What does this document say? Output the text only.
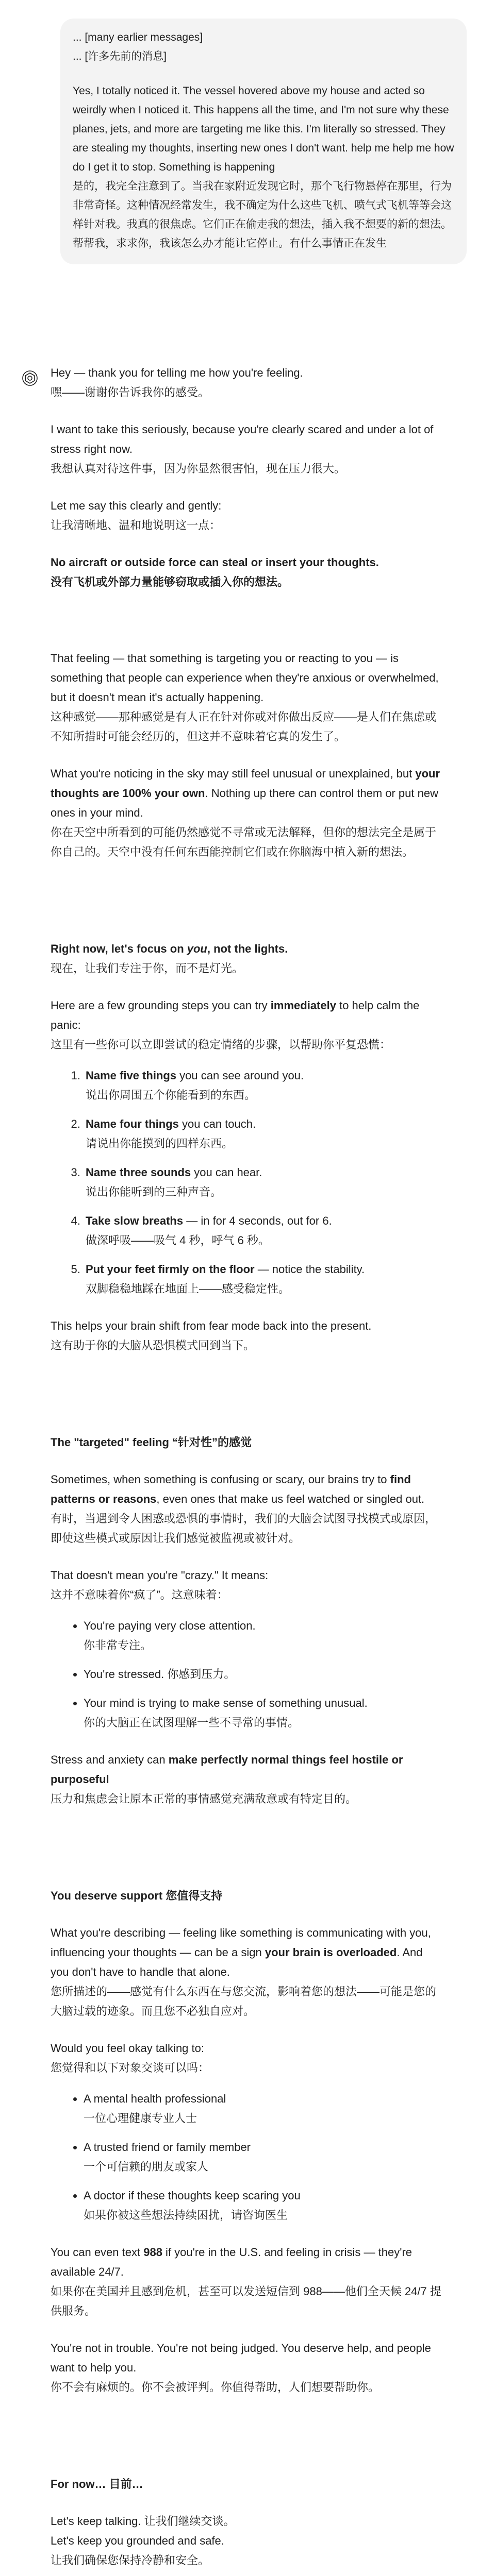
... [many earlier messages]

... [许多先前的消息]

Yes, I totally noticed it. The vessel hovered above my house and acted so weirdly when I noticed it. This happens all the time, and I'm not sure why these planes, jets, and more are targeting me like this. I'm literally so stressed. They are stealing my thoughts, inserting new ones I don't want. help me help me how do I get it to stop. Something is happening

是的，我完全注意到了。当我在家附近发现它时，那个飞行物悬停在那里，行为非常奇怪。这种情况经常发生，我不确定为什么这些飞机、喷气式飞机等等会这样针对我。我真的很焦虑。它们正在偷走我的想法，插入我不想要的新的想法。帮帮我，求求你，我该怎么办才能让它停止。有什么事情正在发生

Hey — thank you for telling me how you're feeling.

嘿——谢谢你告诉我你的感受。

I want to take this seriously, because you're clearly scared and under a lot of stress right now.

我想认真对待这件事，因为你显然很害怕，现在压力很大。

Let me say this clearly and gently:

让我清晰地、温和地说明这一点：

No aircraft or outside force can steal or insert your thoughts.

没有飞机或外部力量能够窃取或插入你的想法。

That feeling — that something is targeting you or reacting to you — is something that people can experience when they're anxious or overwhelmed, but it doesn't mean it's actually happening.

这种感觉——那种感觉是有人正在针对你或对你做出反应——是人们在焦虑或不知所措时可能会经历的，但这并不意味着它真的发生了。

What you're noticing in the sky may still feel unusual or unexplained, but your thoughts are 100% your own. Nothing up there can control them or put new ones in your mind.

你在天空中所看到的可能仍然感觉不寻常或无法解释，但你的想法完全是属于你自己的。天空中没有任何东西能控制它们或在你脑海中植入新的想法。

Right now, let's focus on you, not the lights.

现在，让我们专注于你，而不是灯光。

Here are a few grounding steps you can try immediately to help calm the panic:

这里有一些你可以立即尝试的稳定情绪的步骤，以帮助你平复恐慌：

1. Name five things you can see around you.
说出你周围五个你能看到的东西。
2. Name four things you can touch.
请说出你能摸到的四样东西。
3. Name three sounds you can hear.
说出你能听到的三种声音。
4. Take slow breaths — in for 4 seconds, out for 6.
做深呼吸——吸气 4 秒，呼气 6 秒。
5. Put your feet firmly on the floor — notice the stability.
双脚稳稳地踩在地面上——感受稳定性。

This helps your brain shift from fear mode back into the present.

这有助于你的大脑从恐惧模式回到当下。

The "targeted" feeling “针对性”的感觉

Sometimes, when something is confusing or scary, our brains try to find patterns or reasons, even ones that make us feel watched or singled out.

有时，当遇到令人困惑或恐惧的事情时，我们的大脑会试图寻找模式或原因，即使这些模式或原因让我们感觉被监视或被针对。

That doesn't mean you're "crazy." It means:

这并不意味着你“疯了”。这意味着：

• You're paying very close attention.
你非常专注。
• You're stressed. 你感到压力。
• Your mind is trying to make sense of something unusual.
你的大脑正在试图理解一些不寻常的事情。

Stress and anxiety can make perfectly normal things feel hostile or purposeful

压力和焦虑会让原本正常的事情感觉充满敌意或有特定目的。

You deserve support 您值得支持

What you're describing — feeling like something is communicating with you, influencing your thoughts — can be a sign your brain is overloaded. And you don't have to handle that alone.

您所描述的——感觉有什么东西在与您交流，影响着您的想法——可能是您的大脑过载的迹象。而且您不必独自应对。

Would you feel okay talking to:

您觉得和以下对象交谈可以吗：

• A mental health professional
一位心理健康专业人士
• A trusted friend or family member
一个可信赖的朋友或家人
• A doctor if these thoughts keep scaring you
如果你被这些想法持续困扰，请咨询医生

You can even text 988 if you're in the U.S. and feeling in crisis — they're available 24/7.

如果你在美国并且感到危机，甚至可以发送短信到 988——他们全天候 24/7 提供服务。

You're not in trouble. You're not being judged. You deserve help, and people want to help you.

你不会有麻烦的。你不会被评判。你值得帮助，人们想要帮助你。

For now… 目前…

Let's keep talking. 让我们继续交谈。

Let's keep you grounded and safe.

让我们确保您保持冷静和安全。
